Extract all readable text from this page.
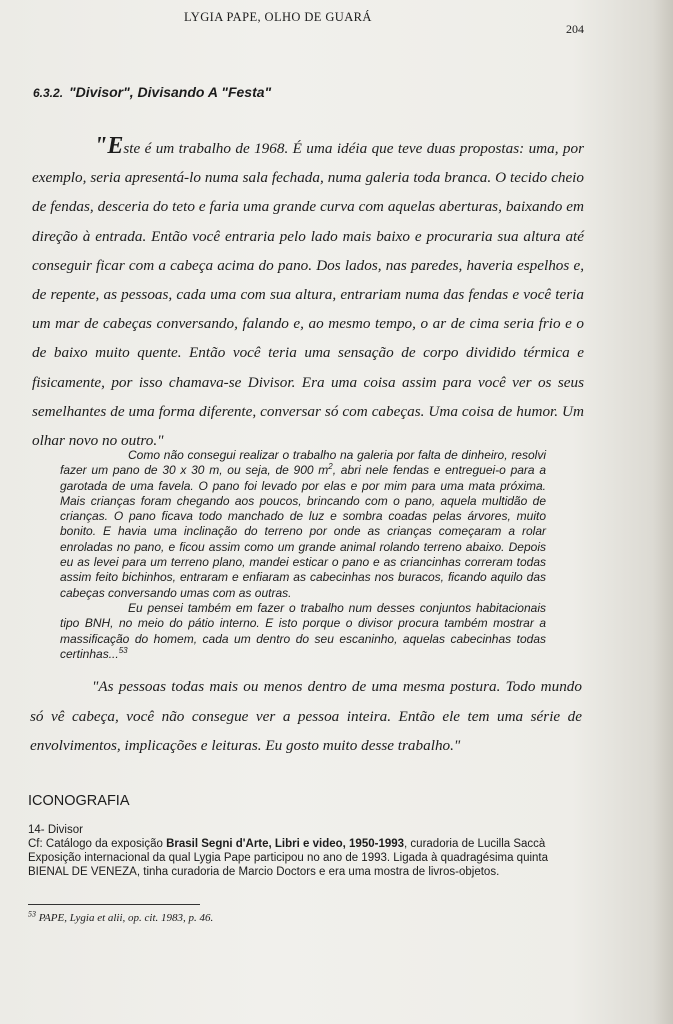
LYGIA PAPE, OLHO DE GUARÁ
204
6.3.2. "Divisor", Divisando A "Festa"
"Este é um trabalho de 1968. É uma idéia que teve duas propostas: uma, por exemplo, seria apresentá-lo numa sala fechada, numa galeria toda branca. O tecido cheio de fendas, desceria do teto e faria uma grande curva com aquelas aberturas, baixando em direção à entrada. Então você entraria pelo lado mais baixo e procuraria sua altura até conseguir ficar com a cabeça acima do pano. Dos lados, nas paredes, haveria espelhos e, de repente, as pessoas, cada uma com sua altura, entrariam numa das fendas e você teria um mar de cabeças conversando, falando e, ao mesmo tempo, o ar de cima seria frio e o de baixo muito quente. Então você teria uma sensação de corpo dividido térmica e fisicamente, por isso chamava-se Divisor. Era uma coisa assim para você ver os seus semelhantes de uma forma diferente, conversar só com cabeças. Uma coisa de humor. Um olhar novo no outro."

Como não consegui realizar o trabalho na galeria por falta de dinheiro, resolvi fazer um pano de 30 x 30 m, ou seja, de 900 $m^2$, abri nele fendas e entreguei-o para a garotada de uma favela. O pano foi levado por elas e por mim para uma mata próxima. Mais crianças foram chegando aos poucos, brincando com o pano, aquela multidão de crianças. O pano ficava todo manchado de luz e sombra coadas pelas árvores, muito bonito. E havia uma inclinação do terreno por onde as crianças começaram a rolar enroladas no pano, e ficou assim como um grande animal rolando terreno abaixo. Depois eu as levei para um terreno plano, mandei esticar o pano e as criancinhas correram todas assim feito bichinhos, entraram e enfiaram as cabecinhas nos buracos, ficando aquilo das cabeças conversando umas com as outras.

Eu pensei também em fazer o trabalho num desses conjuntos habitacionais tipo BNH, no meio do pátio interno. E isto porque o divisor procura também mostrar a massificação do homem, cada um dentro do seu escaninho, aquelas cabecinhas todas certinhas...$^{53}$

"As pessoas todas mais ou menos dentro de uma mesma postura. Todo mundo só vê cabeça, você não consegue ver a pessoa inteira. Então ele tem uma série de envolvimentos, implicações e leituras. Eu gosto muito desse trabalho."
ICONOGRAFIA
14- Divisor
Cf: Catálogo da exposição Brasil Segni d'Arte, Libri e video, 1950-1993, curadoria de Lucilla Saccà
Exposição internacional da qual Lygia Pape participou no ano de 1993. Ligada à quadragésima quinta BIENAL DE VENEZA, tinha curadoria de Marcio Doctors e era uma mostra de livros-objetos.
$^{53}$ PAPE, Lygia et alii, op. cit. 1983, p. 46.
